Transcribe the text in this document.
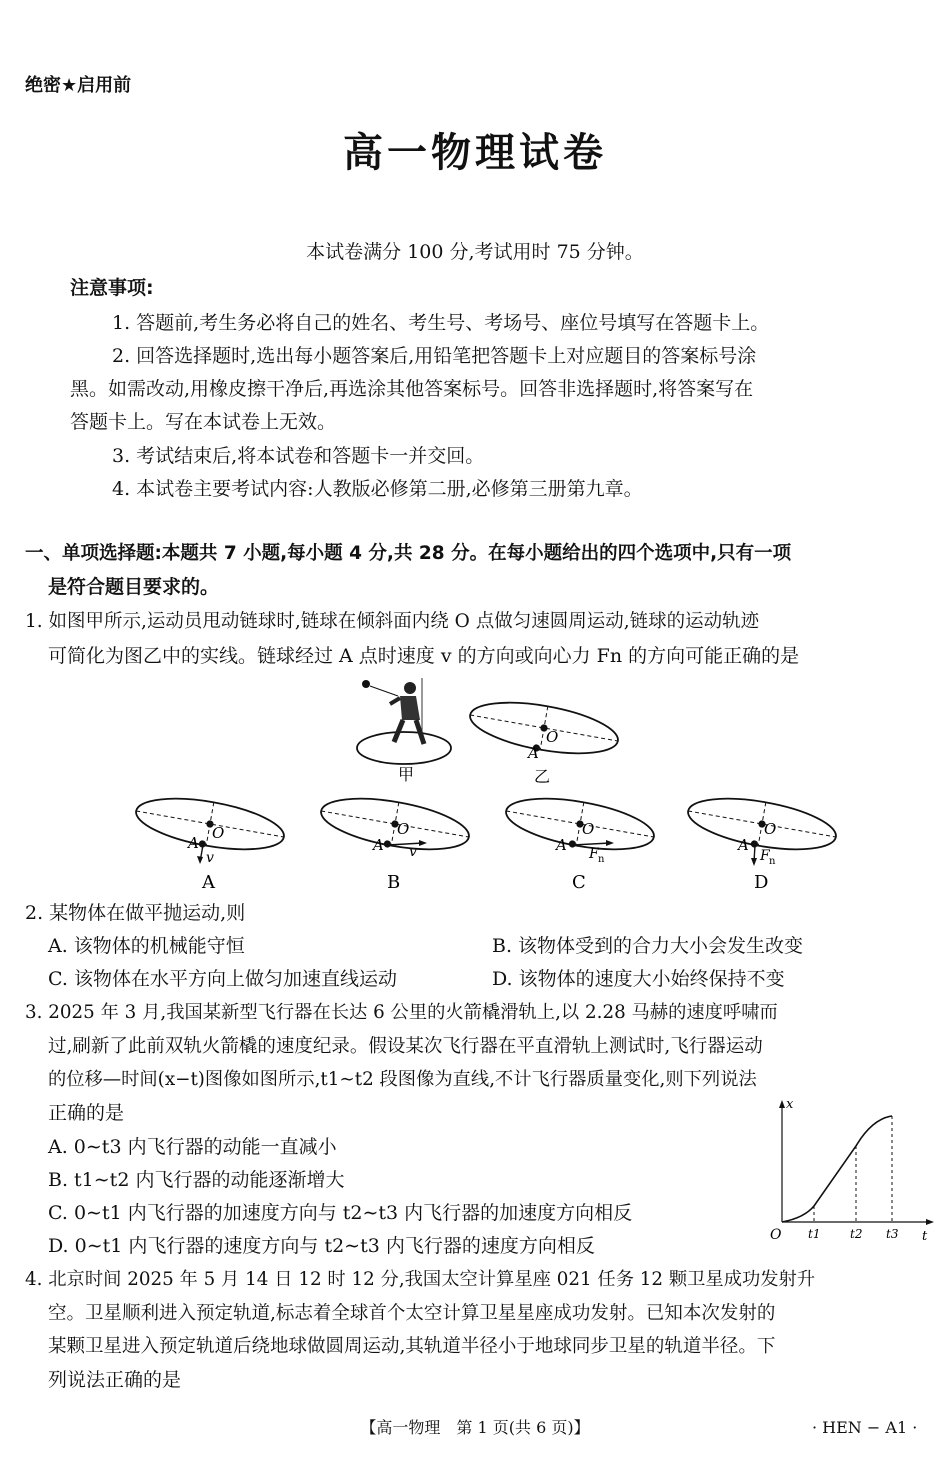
绝密★启用前
高一物理试卷
本试卷满分 100 分,考试用时 75 分钟。
注意事项:
1. 答题前,考生务必将自己的姓名、考生号、考场号、座位号填写在答题卡上。
2. 回答选择题时,选出每小题答案后,用铅笔把答题卡上对应题目的答案标号涂
黑。如需改动,用橡皮擦干净后,再选涂其他答案标号。回答非选择题时,将答案写在
答题卡上。写在本试卷上无效。
3. 考试结束后,将本试卷和答题卡一并交回。
4. 本试卷主要考试内容:人教版必修第二册,必修第三册第九章。
一、单项选择题:本题共 7 小题,每小题 4 分,共 28 分。在每小题给出的四个选项中,只有一项
是符合题目要求的。
1. 如图甲所示,运动员甩动链球时,链球在倾斜面内绕 O 点做匀速圆周运动,链球的运动轨迹
可简化为图乙中的实线。链球经过 A 点时速度 v 的方向或向心力 Fn 的方向可能正确的是
甲
O
A
乙
O
A
v
A
O
A v
B
O
A F n
C
O
A
F n
D
2. 某物体在做平抛运动,则
A. 该物体的机械能守恒	B. 该物体受到的合力大小会发生改变
C. 该物体在水平方向上做匀加速直线运动	D. 该物体的速度大小始终保持不变
3. 2025 年 3 月,我国某新型飞行器在长达 6 公里的火箭橇滑轨上,以 2.28 马赫的速度呼啸而
过,刷新了此前双轨火箭橇的速度纪录。假设某次飞行器在平直滑轨上测试时,飞行器运动
的位移—时间(x−t)图像如图所示,t1∼t2 段图像为直线,不计飞行器质量变化,则下列说法
正确的是
A. 0∼t3 内飞行器的动能一直减小
B. t1∼t2 内飞行器的动能逐渐增大
C. 0∼t1 内飞行器的加速度方向与 t2∼t3 内飞行器的加速度方向相反
D. 0∼t1 内飞行器的速度方向与 t2∼t3 内飞行器的速度方向相反
x
t
O t1 t2 t3
4. 北京时间 2025 年 5 月 14 日 12 时 12 分,我国太空计算星座 021 任务 12 颗卫星成功发射升
空。卫星顺利进入预定轨道,标志着全球首个太空计算卫星星座成功发射。已知本次发射的
某颗卫星进入预定轨道后绕地球做圆周运动,其轨道半径小于地球同步卫星的轨道半径。下
列说法正确的是
【高一物理　第 1 页(共 6 页)】	· HEN − A1 ·
